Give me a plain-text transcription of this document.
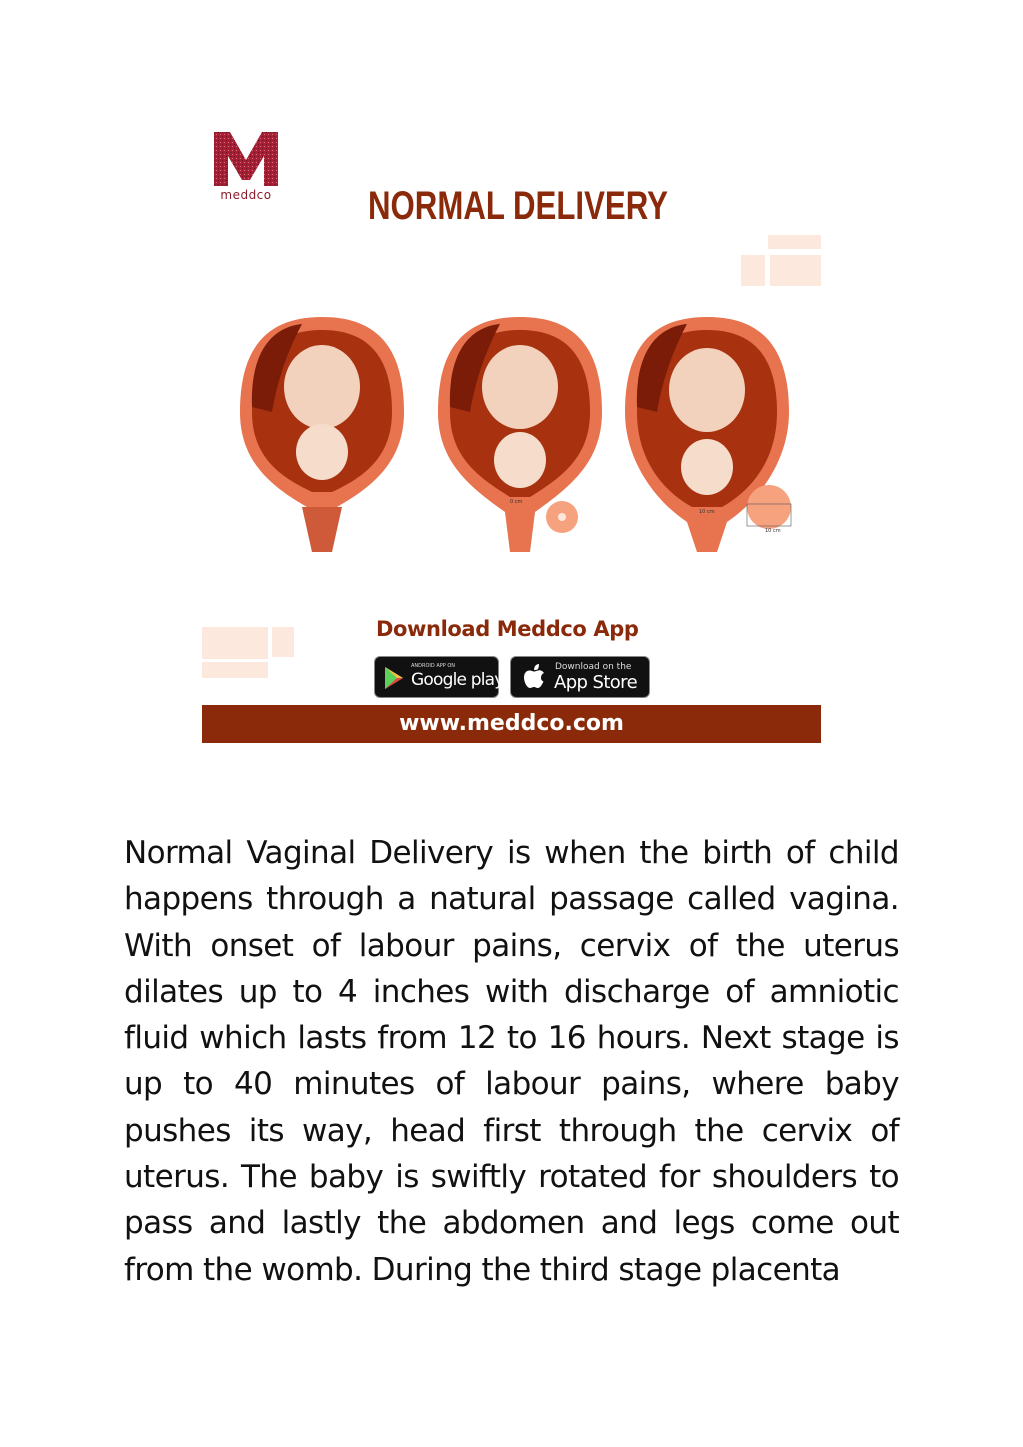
meddco NORMAL DELIVERY
0 cm
10 cm
10 cm
Download Meddco App
ANDROID APP ON
Google play
Download on the
App Store
www.meddco.com
Normal Vaginal Delivery is when the birth of child happens through a natural passage called vagina. With onset of labour pains, cervix of the uterus dilates up to 4 inches with discharge of amniotic fluid which lasts from 12 to 16 hours. Next stage is up to 40 minutes of labour pains, where baby pushes its way, head first through the cervix of uterus. The baby is swiftly rotated for shoulders to pass and lastly the abdomen and legs come out from the womb. During the third stage placenta
